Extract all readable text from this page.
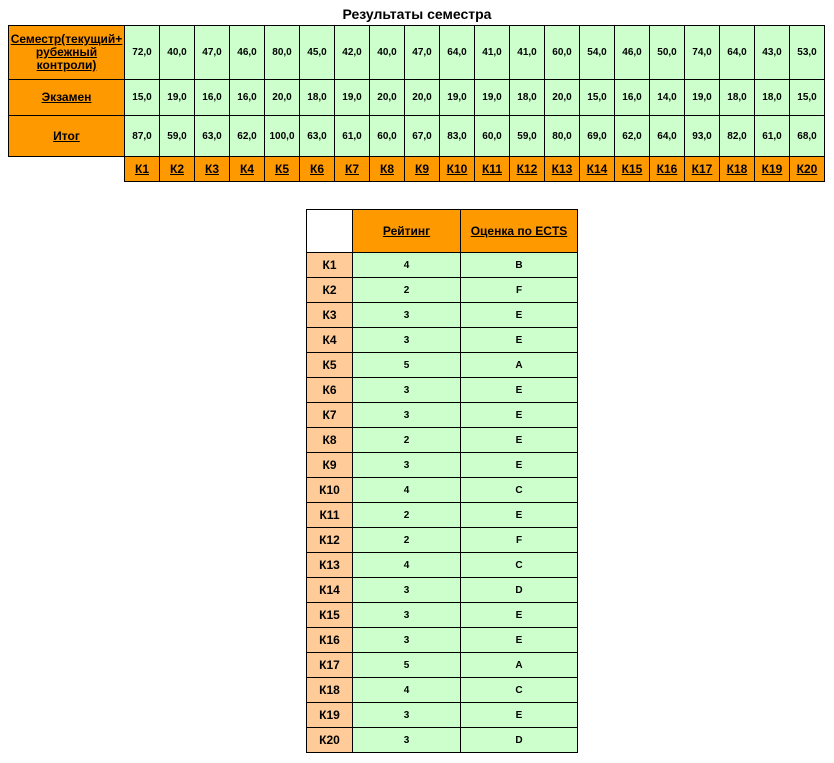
Результаты семестра
Семестр(текущий+ рубежный контроли)	72,0	40,0	47,0	46,0	80,0	45,0	42,0	40,0	47,0	64,0	41,0	41,0	60,0	54,0	46,0	50,0	74,0	64,0	43,0	53,0
Экзамен	15,0	19,0	16,0	16,0	20,0	18,0	19,0	20,0	20,0	19,0	19,0	18,0	20,0	15,0	16,0	14,0	19,0	18,0	18,0	15,0
Итог	87,0	59,0	63,0	62,0	100,0	63,0	61,0	60,0	67,0	83,0	60,0	59,0	80,0	69,0	62,0	64,0	93,0	82,0	61,0	68,0
	К1	К2	К3	К4	К5	К6	К7	К8	К9	К10	К11	К12	К13	К14	К15	К16	К17	К18	К19	К20
	Рейтинг	Оценка по ECTS
К1	4	B
К2	2	F
К3	3	E
К4	3	E
К5	5	A
К6	3	E
К7	3	E
К8	2	E
К9	3	E
К10	4	C
К11	2	E
К12	2	F
К13	4	C
К14	3	D
К15	3	E
К16	3	E
К17	5	A
К18	4	C
К19	3	E
К20	3	D
